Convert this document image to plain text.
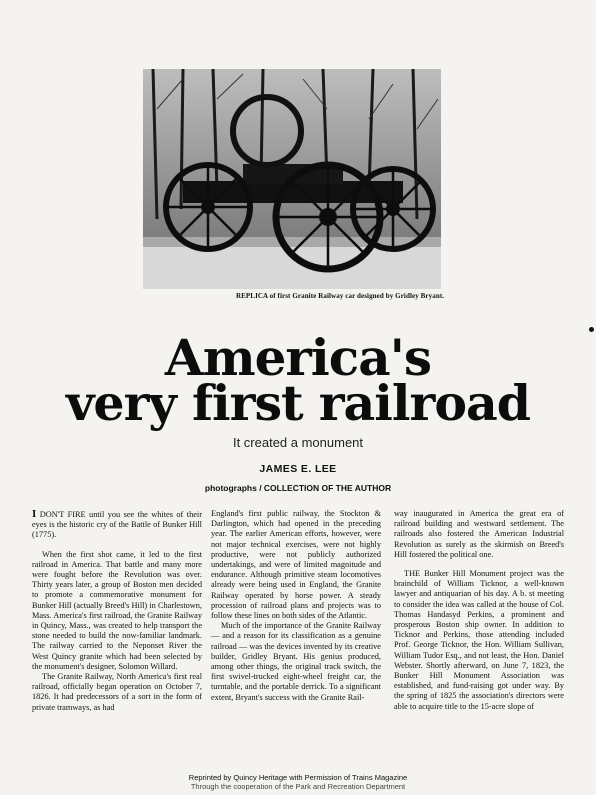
REPLICA of first Granite Railway car designed by Gridley Bryant.
America's
very first railroad
It created a monument
JAMES E. LEE
photographs / COLLECTION OF THE AUTHOR

I DON'T FIRE until you see the whites of their eyes is the historic cry of the Battle of Bunker Hill (1775).

When the first shot came, it led to the first railroad in America. That battle and many more were fought before the Revolution was over. Thirty years later, a group of Boston men decided to promote a commemorative monument for Bunker Hill (actually Breed's Hill) in Charlestown, Mass. America's first railroad, the Granite Railway in Quincy, Mass., was created to help transport the stone needed to build the now-familiar landmark. The railway carried to the Neponset River the West Quincy granite which had been selected by the monument's designer, Solomon Willard.

The Granite Railway, North America's first real railroad, officially began operation on October 7, 1826. It had predecessors of a sort in the form of private tramways, as had

England's first public railway, the Stockton & Darlington, which had opened in the preceding year. The earlier American efforts, however, were not major technical exercises, were not highly productive, were not publicly authorized undertakings, and were of limited magnitude and endurance. Although primitive steam locomotives already were being used in England, the Granite Railway operated by horse power. A steady procession of railroad plans and projects was to follow these lines on both sides of the Atlantic.

Much of the importance of the Granite Railway — and a reason for its classification as a genuine railroad — was the devices invented by its creative builder, Gridley Bryant. His genius produced, among other things, the original track switch, the first swivel-trucked eight-wheel freight car, the turntable, and the portable derrick. To a significant extent, Bryant's success with the Granite Rail-

way inaugurated in America the great era of railroad building and westward settlement. The railroads also fostered the American Industrial Revolution as surely as the skirmish on Breed's Hill fostered the political one.

THE Bunker Hill Monument project was the brainchild of William Ticknor, a well-known lawyer and antiquarian of his day. A b. st meeting to consider the idea was called at the house of Col. Thomas Handasyd Perkins, a prominent and prosperous Boston ship owner. In addition to Ticknor and Perkins, those attending included Prof. George Ticknor, the Hon. William Sullivan, William Tudor Esq., and not least, the Hon. Daniel Webster. Shortly afterward, on June 7, 1823, the Bunker Hill Monument Association was established, and fund-raising got under way. By the spring of 1825 the association's directors were able to acquire title to the 15-acre slope of

Reprinted by Quincy Heritage with Permission of Trains Magazine
Through the cooperation of the Park and Recreation Department
